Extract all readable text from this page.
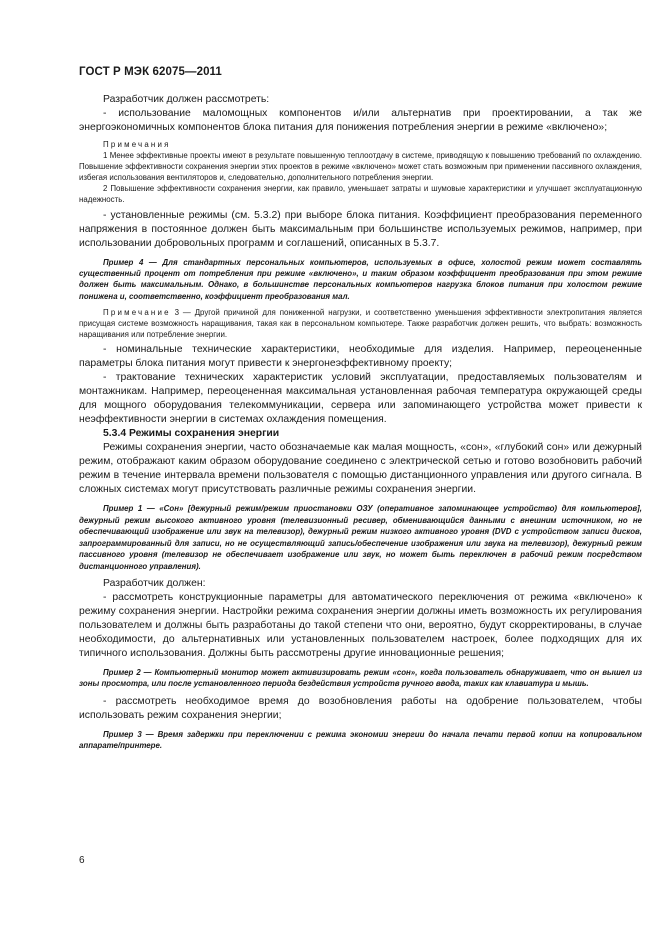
ГОСТ Р МЭК 62075—2011

Разработчик должен рассмотреть:

- использование маломощных компонентов и/или альтернатив при проектировании, а так же энергоэкономичных компонентов блока питания для понижения потребления энергии в режиме «включено»;

Примечания

1 Менее эффективные проекты имеют в результате повышенную теплоотдачу в системе, приводящую к повышению требований по охлаждению. Повышение эффективности сохранения энергии этих проектов в режиме «включено» может стать возможным при применении пассивного охлаждения, избегая использования вентиляторов и, следовательно, дополнительного потребления энергии.

2 Повышение эффективности сохранения энергии, как правило, уменьшает затраты и шумовые характеристики и улучшает эксплуатационную надежность.

- установленные режимы (см. 5.3.2) при выборе блока питания. Коэффициент преобразования переменного напряжения в постоянное должен быть максимальным при большинстве используемых режимов, например, при использовании добровольных программ и соглашений, описанных в 5.3.7.

Пример 4 — Для стандартных персональных компьютеров, используемых в офисе, холостой режим может составлять существенный процент от потребления при режиме «включено», и таким образом коэффициент преобразования при этом режиме должен быть максимальным. Однако, в большинстве персональных компьютеров нагрузка блоков питания при холостом режиме понижена и, соответственно, коэффициент преобразования мал.

Примечание 3 — Другой причиной для пониженной нагрузки, и соответственно уменьшения эффективности электропитания является присущая системе возможность наращивания, такая как в персональном компьютере. Также разработчик должен решить, что выбрать: возможность наращивания или потребление энергии.

- номинальные технические характеристики, необходимые для изделия. Например, переоцененные параметры блока питания могут привести к энергонеэффективному проекту;

- трактование технических характеристик условий эксплуатации, предоставляемых пользователям и монтажникам. Например, переоцененная максимальная установленная рабочая температура окружающей среды для мощного оборудования телекоммуникации, сервера или запоминающего устройства может привести к неэффективности энергии в системах охлаждения помещения.

5.3.4 Режимы сохранения энергии

Режимы сохранения энергии, часто обозначаемые как малая мощность, «сон», «глубокий сон» или дежурный режим, отображают каким образом оборудование соединено с электрической сетью и готово возобновить рабочий режим в течение интервала времени пользователя с помощью дистанционного управления или другого сигнала. В сложных системах могут присутствовать различные режимы сохранения энергии.

Пример 1 — «Сон» [дежурный режим/режим приостановки ОЗУ (оперативное запоминающее устройство) для компьютеров], дежурный режим высокого активного уровня (телевизионный ресивер, обменивающийся данными с внешним источником, но не обеспечивающий изображение или звук на телевизор), дежурный режим низкого активного уровня (DVD с устройством записи дисков, запрограммированный для записи, но не осуществляющий запись/обеспечение изображения или звука на телевизор), дежурный режим пассивного уровня (телевизор не обеспечивает изображение или звук, но может быть переключен в рабочий режим посредством дистанционного управления).

Разработчик должен:

- рассмотреть конструкционные параметры для автоматического переключения от режима «включено» к режиму сохранения энергии. Настройки режима сохранения энергии должны иметь возможность их регулирования пользователем и должны быть разработаны до такой степени что они, вероятно, будут скорректированы, в случае необходимости, до альтернативных или установленных пользователем настроек, более подходящих для их типичного использования. Должны быть рассмотрены другие инновационные решения;

Пример 2 — Компьютерный монитор может активизировать режим «сон», когда пользователь обнаруживает, что он вышел из зоны просмотра, или после установленного периода бездействия устройств ручного ввода, таких как клавиатура и мышь.

- рассмотреть необходимое время до возобновления работы на одобрение пользователем, чтобы использовать режим сохранения энергии;

Пример 3 — Время задержки при переключении с режима экономии энергии до начала печати первой копии на копировальном аппарате/принтере.

6
